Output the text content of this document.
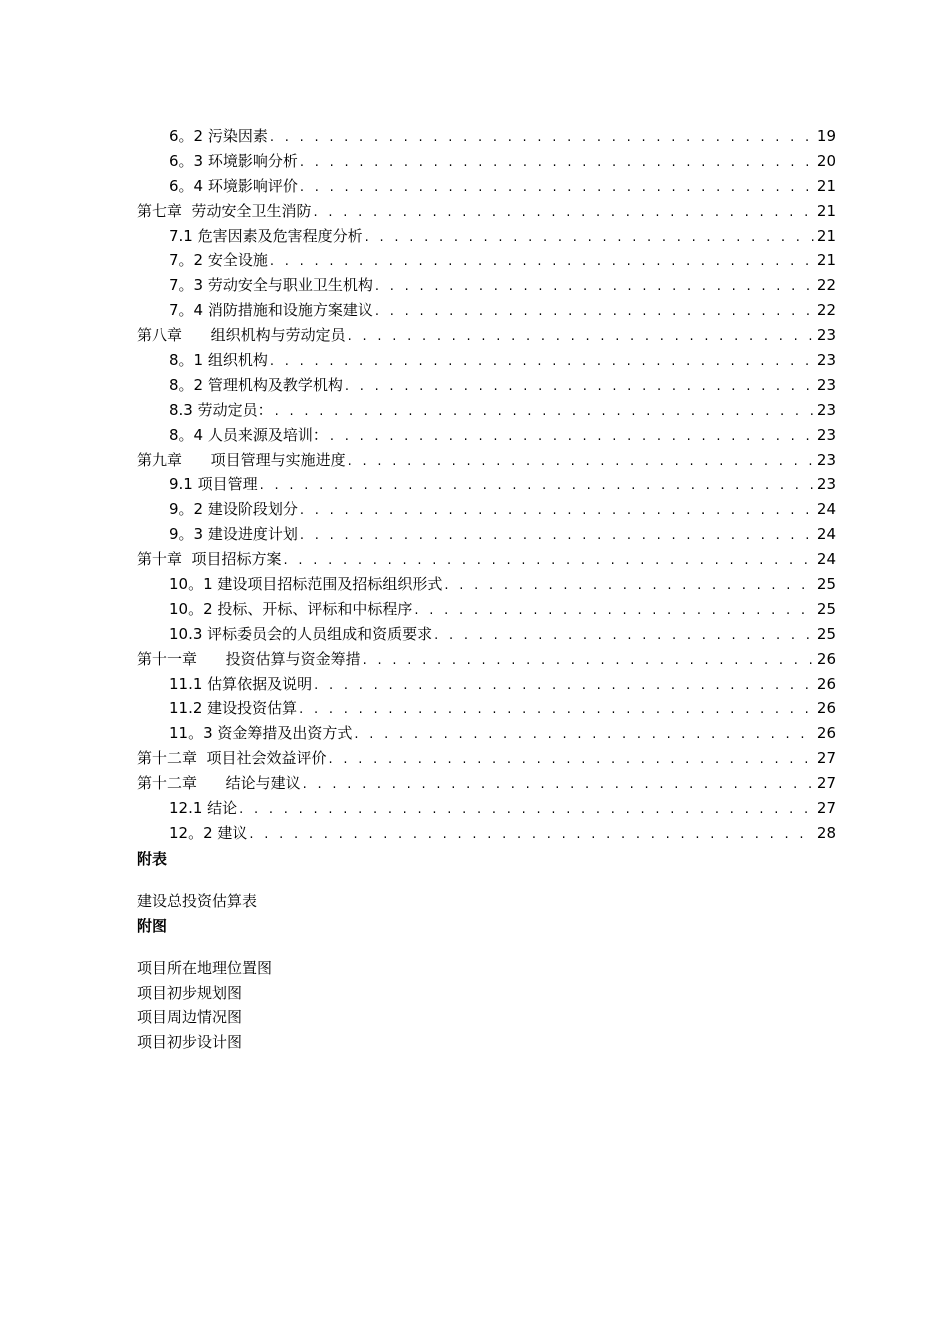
6。2 污染因素 . . .	19
6。3 环境影响分析 . . .	20
6。4 环境影响评价 . . .	21
第七章  劳动安全卫生消防 . . .	21
7.1 危害因素及危害程度分析 . . .	21
7。2 安全设施 . . .	21
7。3 劳动安全与职业卫生机构 . . .	22
7。4 消防措施和设施方案建议 . . .	22
第八章      组织机构与劳动定员 . . .	23
8。1 组织机构 . . .	23
8。2 管理机构及教学机构 . . .	23
8.3 劳动定员： . . .	23
8。4 人员来源及培训： . . .	23
第九章      项目管理与实施进度 . . .	23
9.1 项目管理 . . .	23
9。2 建设阶段划分 . . .	24
9。3 建设进度计划 . . .	24
第十章  项目招标方案 . . .	24
10。1 建设项目招标范围及招标组织形式 . . .	25
10。2 投标、开标、评标和中标程序 . . .	25
10.3 评标委员会的人员组成和资质要求 . . .	25
第十一章      投资估算与资金筹措 . . .	26
11.1 估算依据及说明 . . .	26
11.2 建设投资估算 . . .	26
11。3 资金筹措及出资方式 . . .	26
第十二章  项目社会效益评价 . . .	27
第十二章      结论与建议 . . .	27
12.1 结论 . . .	27
12。2 建议 . . .	28
附表
建设总投资估算表
附图
项目所在地理位置图
项目初步规划图
项目周边情况图
项目初步设计图
